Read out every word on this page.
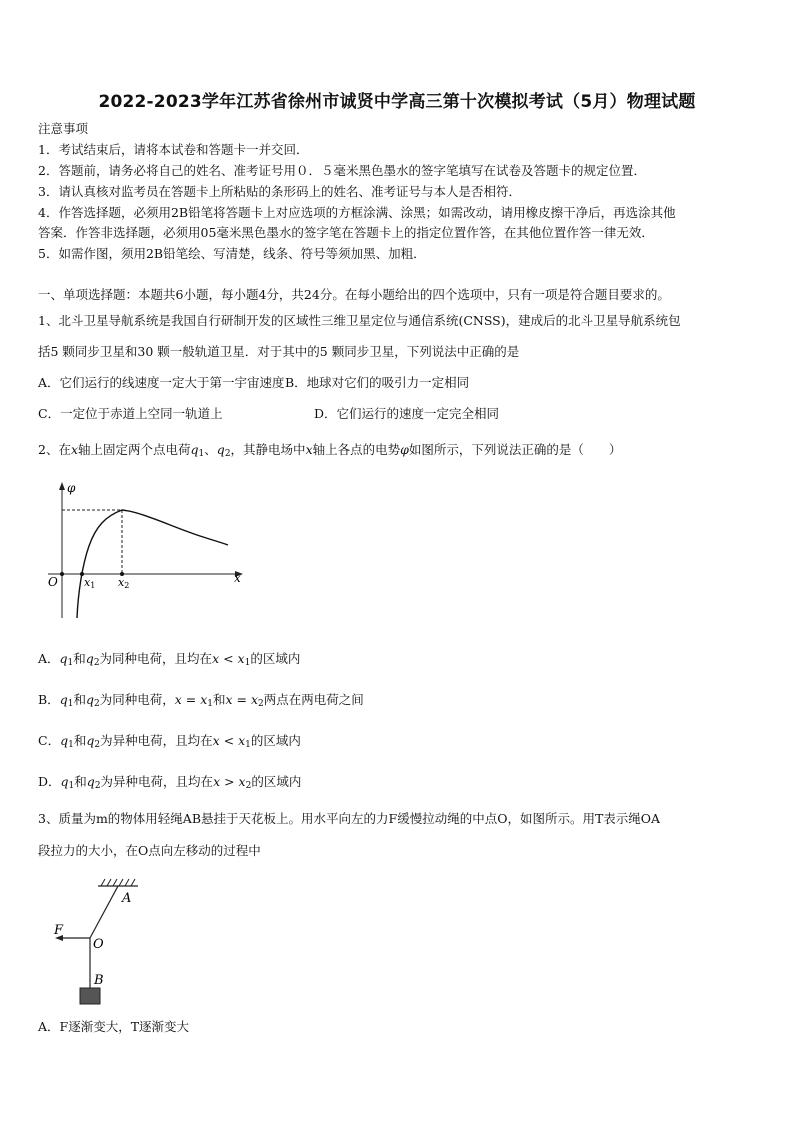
2022-2023学年江苏省徐州市诚贤中学高三第十次模拟考试（5月）物理试题
注意事项
1．考试结束后，请将本试卷和答题卡一并交回．
2．答题前，请务必将自己的姓名、准考证号用０．５毫米黑色墨水的签字笔填写在试卷及答题卡的规定位置．
3．请认真核对监考员在答题卡上所粘贴的条形码上的姓名、准考证号与本人是否相符．
4．作答选择题，必须用2B铅笔将答题卡上对应选项的方框涂满、涂黑；如需改动，请用橡皮擦干净后，再选涂其他
答案．作答非选择题，必须用05毫米黑色墨水的签字笔在答题卡上的指定位置作答，在其他位置作答一律无效．
5．如需作图，须用2B铅笔绘、写清楚，线条、符号等须加黑、加粗．
一、单项选择题：本题共6小题，每小题4分，共24分。在每小题给出的四个选项中，只有一项是符合题目要求的。
1、北斗卫星导航系统是我国自行研制开发的区域性三维卫星定位与通信系统(CNSS)，建成后的北斗卫星导航系统包
括5 颗同步卫星和30 颗一般轨道卫星．对于其中的5 颗同步卫星，下列说法中正确的是
A．它们运行的线速度一定大于第一宇宙速度 B．地球对它们的吸引力一定相同
C．一定位于赤道上空同一轨道上	D．它们运行的速度一定完全相同
2、在x轴上固定两个点电荷$q_1$、$q_2$，其静电场中x轴上各点的电势φ如图所示，下列说法正确的是（　　）
φ
x
O x1 x2
A．$q_1$和$q_2$为同种电荷，且均在$x < x_1$的区域内
B．$q_1$和$q_2$为同种电荷，$x = x_1$和$x = x_2$两点在两电荷之间
C．$q_1$和$q_2$为异种电荷，且均在$x < x_1$的区域内
D．$q_1$和$q_2$为异种电荷，且均在$x > x_2$的区域内
3、质量为m的物体用轻绳AB悬挂于天花板上。用水平向左的力F缓慢拉动绳的中点O，如图所示。用T表示绳OA
段拉力的大小，在O点向左移动的过程中
F
O
A
B
A．F逐渐变大，T逐渐变大
